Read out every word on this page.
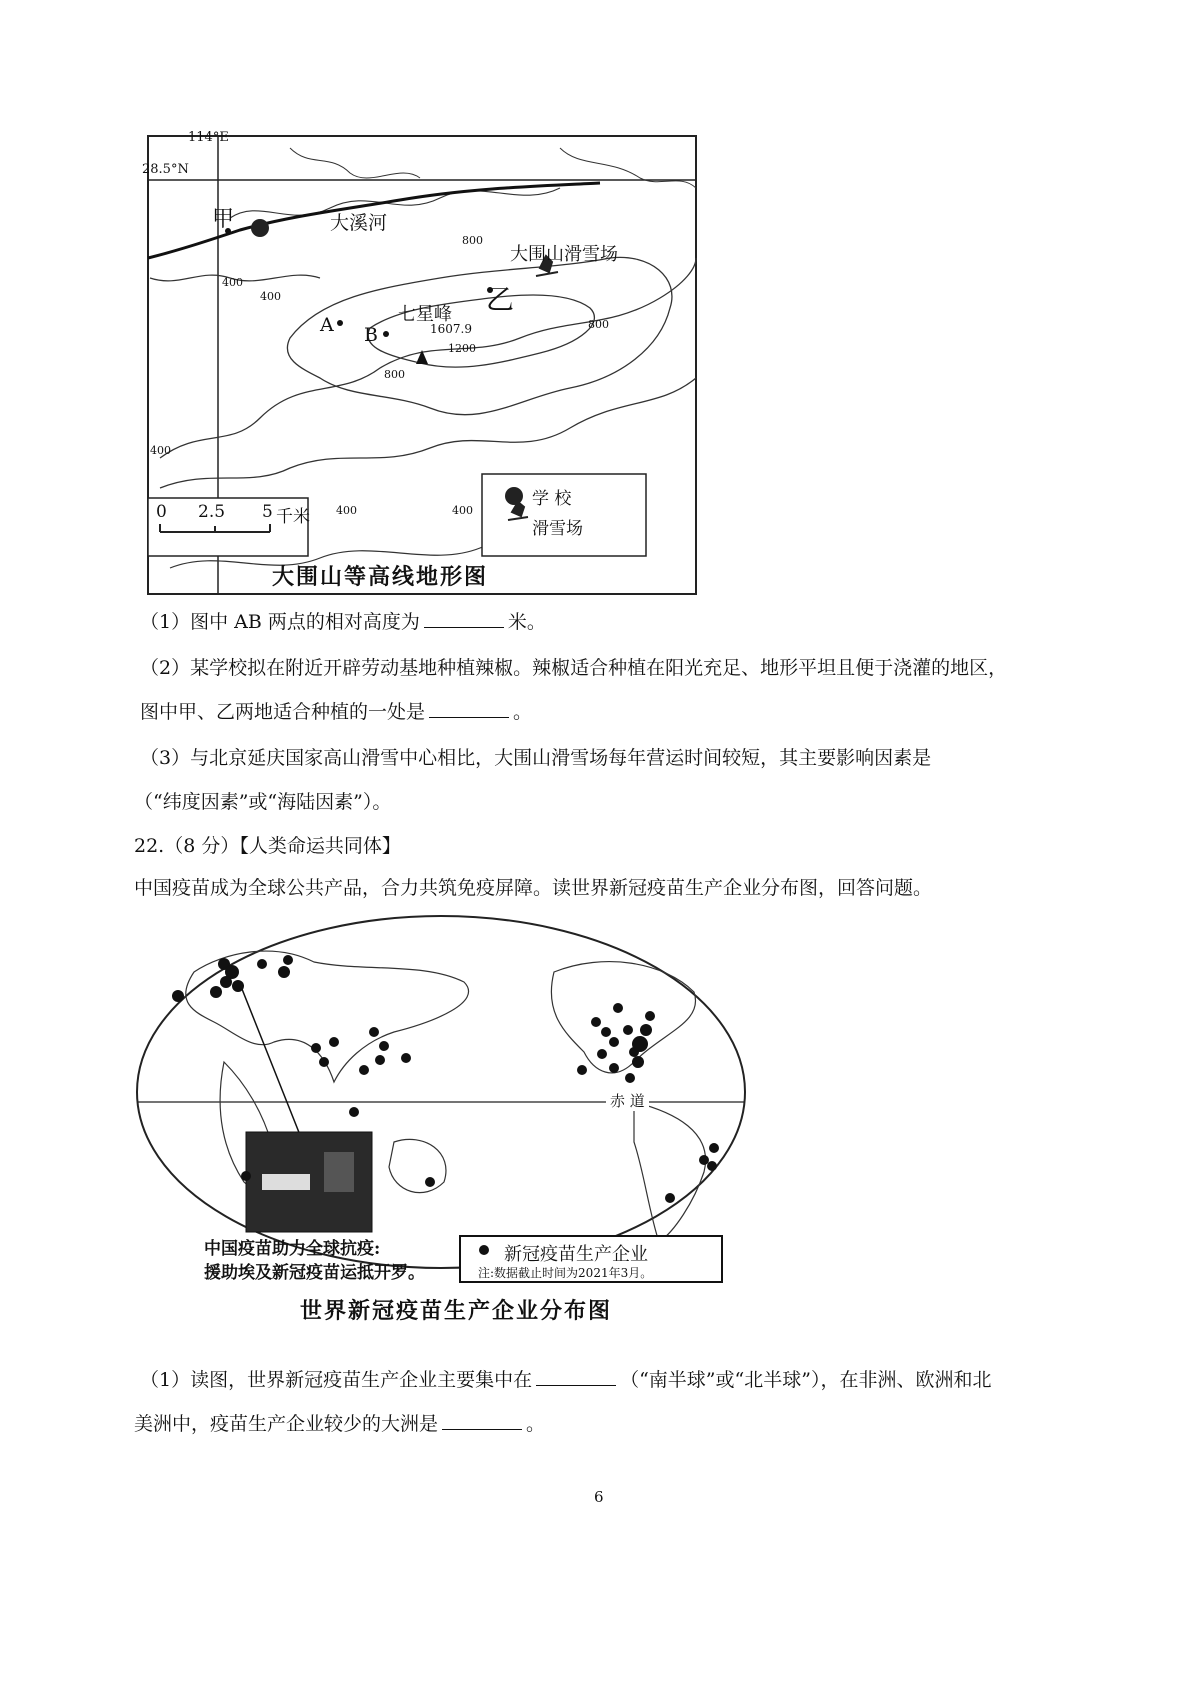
114°E
28.5°N
大溪河
大围山滑雪场
七星峰
1607.9
甲
乙
A B
400
400
400
400	400
800
800
800
1200
0 2.5 5 千米
学 校
滑雪场
大围山等高线地形图
（1）图中 AB 两点的相对高度为	米。
（2）某学校拟在附近开辟劳动基地种植辣椒。辣椒适合种植在阳光充足、地形平坦且便于浇灌的地区，
图中甲、乙两地适合种植的一处是	。
（3）与北京延庆国家高山滑雪中心相比，大围山滑雪场每年营运时间较短，其主要影响因素是
（“纬度因素”或“海陆因素”）。
22.（8 分）【人类命运共同体】
中国疫苗成为全球公共产品，合力共筑免疫屏障。读世界新冠疫苗生产企业分布图，回答问题。
赤 道
中国疫苗助力全球抗疫:
援助埃及新冠疫苗运抵开罗。
新冠疫苗生产企业
注:数据截止时间为2021年3月。
世界新冠疫苗生产企业分布图
（1）读图，世界新冠疫苗生产企业主要集中在	（“南半球”或“北半球”），在非洲、欧洲和北
美洲中，疫苗生产企业较少的大洲是	。
6
